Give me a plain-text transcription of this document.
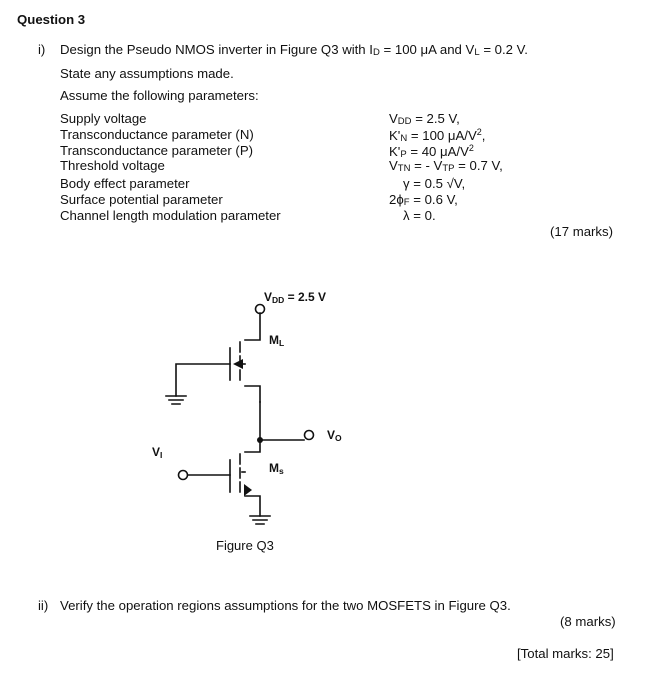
Question 3
i) Design the Pseudo NMOS inverter in Figure Q3 with ID = 100 μA and VL = 0.2 V.
State any assumptions made.
Assume the following parameters:
Supply voltage
Transconductance parameter (N)
Transconductance parameter (P)
Threshold voltage
Body effect parameter
Surface potential parameter
Channel length modulation parameter
VDD = 2.5 V,
K'N = 100 $\mu A/V^2$,
K'P = 40 $\mu A/V^2$
VTN = - VTP = 0.7 V,
γ = 0.5 √V,
2ϕF = 0.6 V,
λ = 0.
(17 marks)
VDD = 2.5 V
ML
VO
VI
Ms
Figure Q3
ii) Verify the operation regions assumptions for the two MOSFETS in Figure Q3.
(8 marks)
[Total marks: 25]
